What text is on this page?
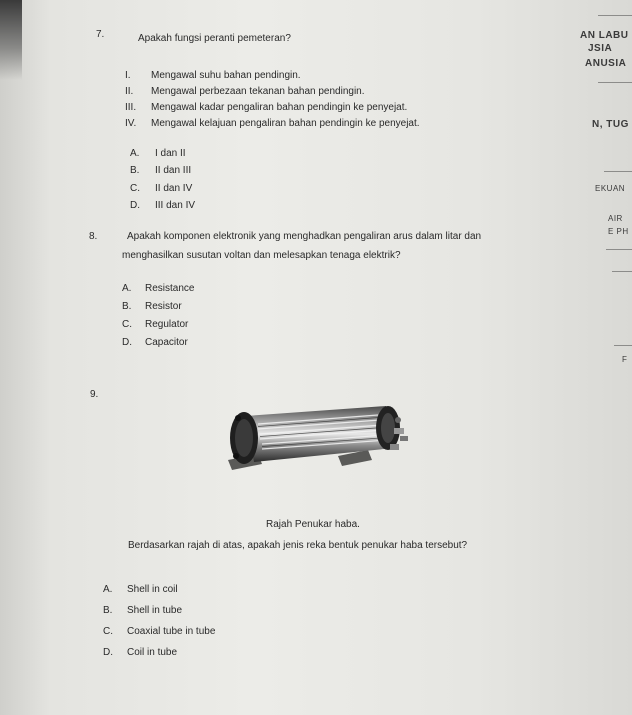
AN LABU
JSIA
ANUSIA
N, TUG
EKUAN
AIR
E PH
F
7.	Apakah fungsi peranti pemeteran?
I. Mengawal suhu bahan pendingin.
II. Mengawal perbezaan tekanan bahan pendingin.
III. Mengawal kadar pengaliran bahan pendingin ke penyejat.
IV. Mengawal kelajuan pengaliran bahan pendingin ke penyejat.
A. I dan II
B. II dan III
C. II dan IV
D. III dan IV
8.	Apakah komponen elektronik yang menghadkan pengaliran arus dalam litar dan
menghasilkan susutan voltan dan melesapkan tenaga elektrik?
A. Resistance
B. Resistor
C. Regulator
D. Capacitor
9.
Rajah Penukar haba.
Berdasarkan rajah di atas, apakah jenis reka bentuk penukar haba tersebut?
A. Shell in coil
B. Shell in tube
C. Coaxial tube in tube
D. Coil in tube
